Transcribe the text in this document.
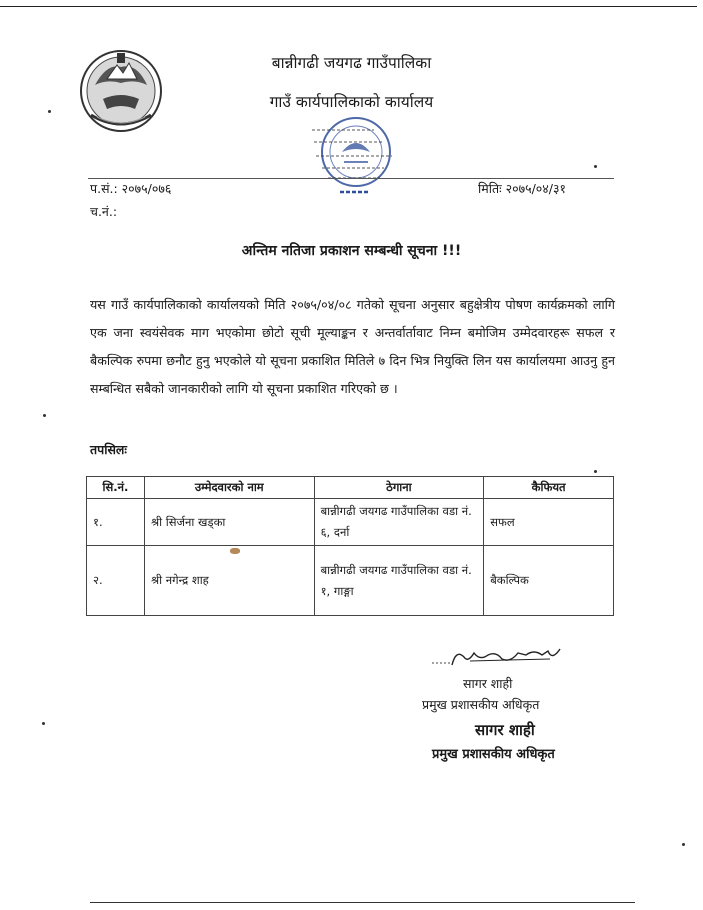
बान्नीगढी जयगढ गाउँपालिका
गाउँ कार्यपालिकाको कार्यालय
प.सं.: २०७५/०७६	मितिः २०७५/०४/३१
च.नं.:
अन्तिम नतिजा प्रकाशन सम्बन्धी सूचना !!!
यस गाउँ कार्यपालिकाको कार्यालयको मिति २०७५/०४/०८ गतेको सूचना अनुसार बहुक्षेत्रीय पोषण कार्यक्रमको लागि एक जना स्वयंसेवक माग भएकोमा छोटो सूची मूल्याङ्कन र अन्तर्वार्तावाट निम्न बमोजिम उम्मेदवारहरू सफल र बैकल्पिक रुपमा छनौट हुनु भएकोले यो सूचना प्रकाशित मितिले ७ दिन भित्र नियुक्ति लिन यस कार्यालयमा आउनु हुन सम्बन्धित सबैको जानकारीको लागि यो सूचना प्रकाशित गरिएको छ ।
तपसिलः
सि.नं.	उम्मेदवारको नाम	ठेगाना	कैफियत
१.	श्री सिर्जना खड्का	बान्नीगढी जयगढ गाउँपालिका वडा नं. ६, दर्ना	सफल
२.	श्री नगेन्द्र शाह	बान्नीगढी जयगढ गाउँपालिका वडा नं. १, गाङ्गा	बैकल्पिक
सागर शाही
प्रमुख प्रशासकीय अधिकृत
सागर शाही
प्रमुख प्रशासकीय अधिकृत
